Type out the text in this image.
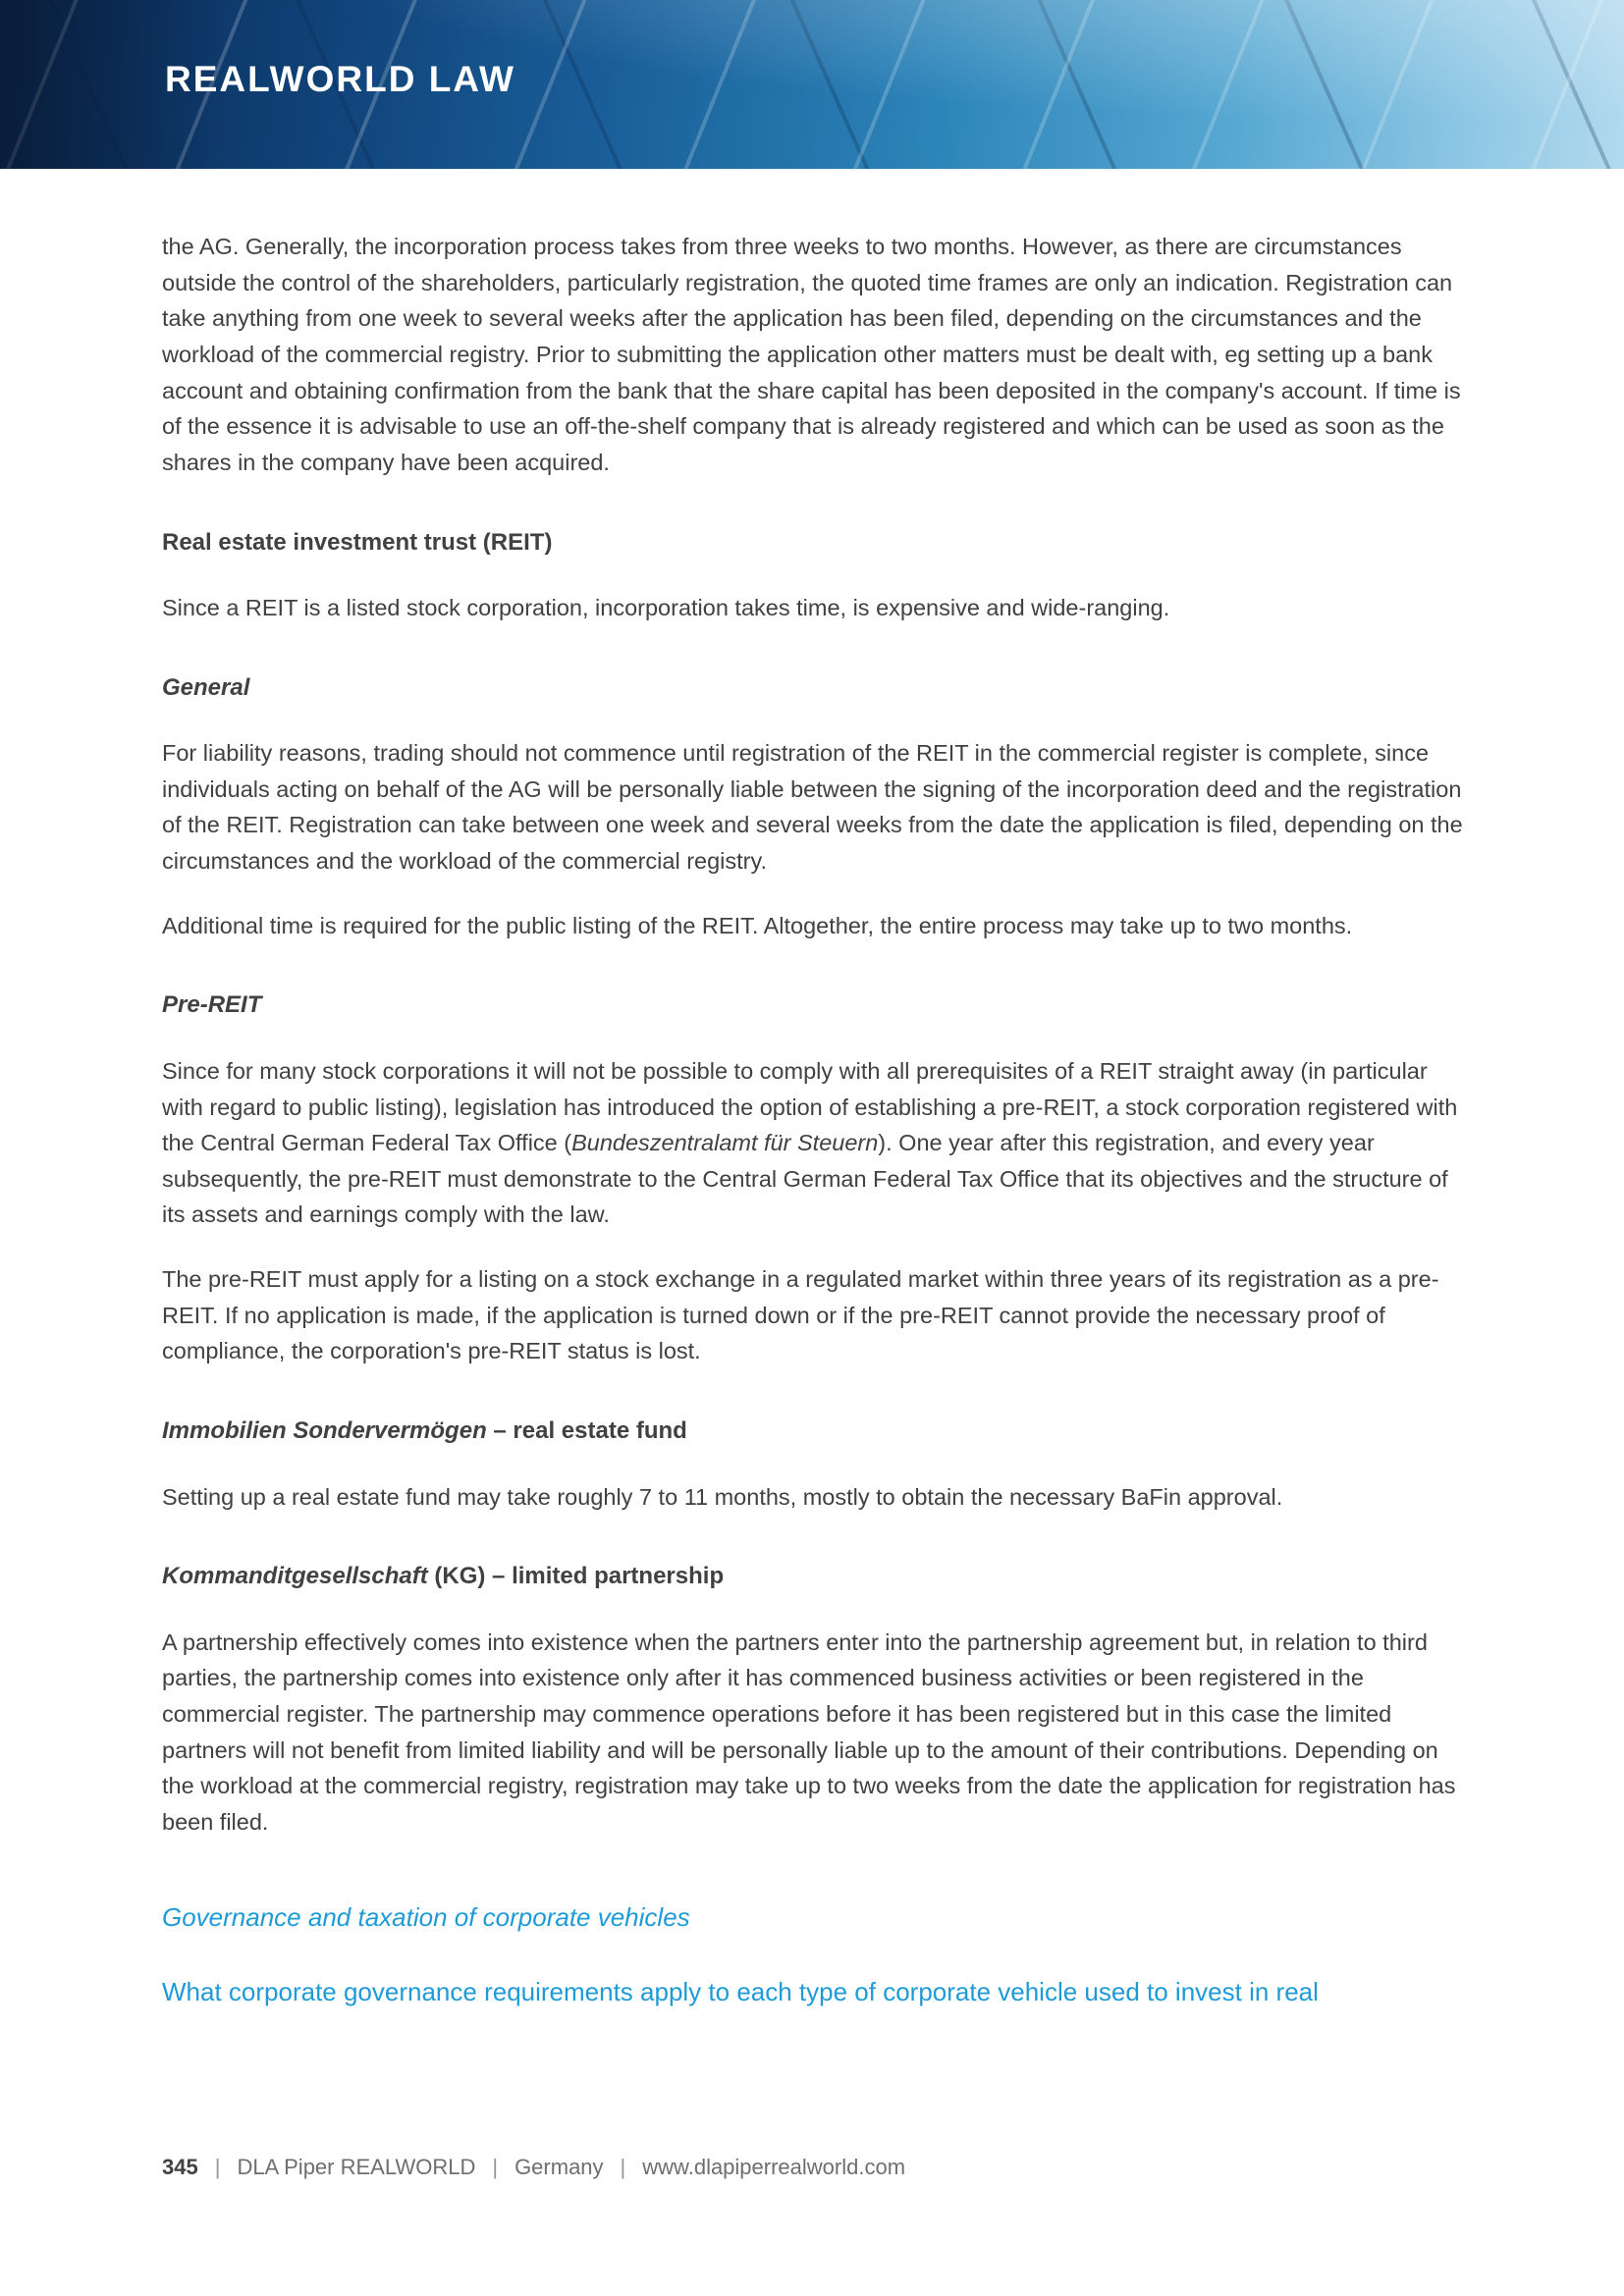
REALWORLD LAW

the AG. Generally, the incorporation process takes from three weeks to two months. However, as there are circumstances outside the control of the shareholders, particularly registration, the quoted time frames are only an indication. Registration can take anything from one week to several weeks after the application has been filed, depending on the circumstances and the workload of the commercial registry. Prior to submitting the application other matters must be dealt with, eg setting up a bank account and obtaining confirmation from the bank that the share capital has been deposited in the company's account. If time is of the essence it is advisable to use an off-the-shelf company that is already registered and which can be used as soon as the shares in the company have been acquired.

Real estate investment trust (REIT)

Since a REIT is a listed stock corporation, incorporation takes time, is expensive and wide-ranging.

General

For liability reasons, trading should not commence until registration of the REIT in the commercial register is complete, since individuals acting on behalf of the AG will be personally liable between the signing of the incorporation deed and the registration of the REIT. Registration can take between one week and several weeks from the date the application is filed, depending on the circumstances and the workload of the commercial registry.

Additional time is required for the public listing of the REIT. Altogether, the entire process may take up to two months.

Pre-REIT

Since for many stock corporations it will not be possible to comply with all prerequisites of a REIT straight away (in particular with regard to public listing), legislation has introduced the option of establishing a pre-REIT, a stock corporation registered with the Central German Federal Tax Office (Bundeszentralamt für Steuern). One year after this registration, and every year subsequently, the pre-REIT must demonstrate to the Central German Federal Tax Office that its objectives and the structure of its assets and earnings comply with the law.

The pre-REIT must apply for a listing on a stock exchange in a regulated market within three years of its registration as a pre-REIT. If no application is made, if the application is turned down or if the pre-REIT cannot provide the necessary proof of compliance, the corporation's pre-REIT status is lost.

Immobilien Sondervermögen – real estate fund

Setting up a real estate fund may take roughly 7 to 11 months, mostly to obtain the necessary BaFin approval.

Kommanditgesellschaft (KG) – limited partnership

A partnership effectively comes into existence when the partners enter into the partnership agreement but, in relation to third parties, the partnership comes into existence only after it has commenced business activities or been registered in the commercial register. The partnership may commence operations before it has been registered but in this case the limited partners will not benefit from limited liability and will be personally liable up to the amount of their contributions. Depending on the workload at the commercial registry, registration may take up to two weeks from the date the application for registration has been filed.

Governance and taxation of corporate vehicles

What corporate governance requirements apply to each type of corporate vehicle used to invest in real

345 | DLA Piper REALWORLD | Germany | www.dlapiperrealworld.com
